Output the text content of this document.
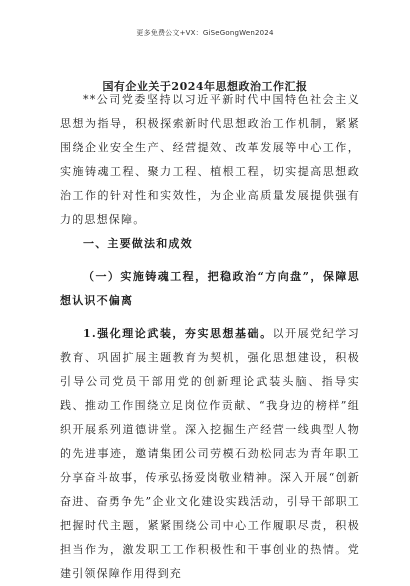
更多免费公文+VX：GiSeGongWen2024
国有企业关于2024年思想政治工作汇报

**公司党委坚持以习近平新时代中国特色社会主义思想为指导，积极探索新时代思想政治工作机制，紧紧围绕企业安全生产、经营提效、改革发展等中心工作，实施铸魂工程、聚力工程、植根工程，切实提高思想政治工作的针对性和实效性，为企业高质量发展提供强有力的思想保障。

一、主要做法和成效

（一）实施铸魂工程，把稳政治“方向盘”，保障思想认识不偏离

1.强化理论武装，夯实思想基础。以开展党纪学习教育、巩固扩展主题教育为契机，强化思想建设，积极引导公司党员干部用党的创新理论武装头脑、指导实践、推动工作围绕立足岗位作贡献、“我身边的榜样”组织开展系列道德讲堂。深入挖掘生产经营一线典型人物的先进事迹，邀请集团公司劳模石劲松同志为青年职工分享奋斗故事，传承弘扬爱岗敬业精神。深入开展“创新奋进、奋勇争先”企业文化建设实践活动，引导干部职工把握时代主题，紧紧围绕公司中心工作履职尽责，积极担当作为，激发职工工作积极性和干事创业的热情。党建引领保障作用得到充
